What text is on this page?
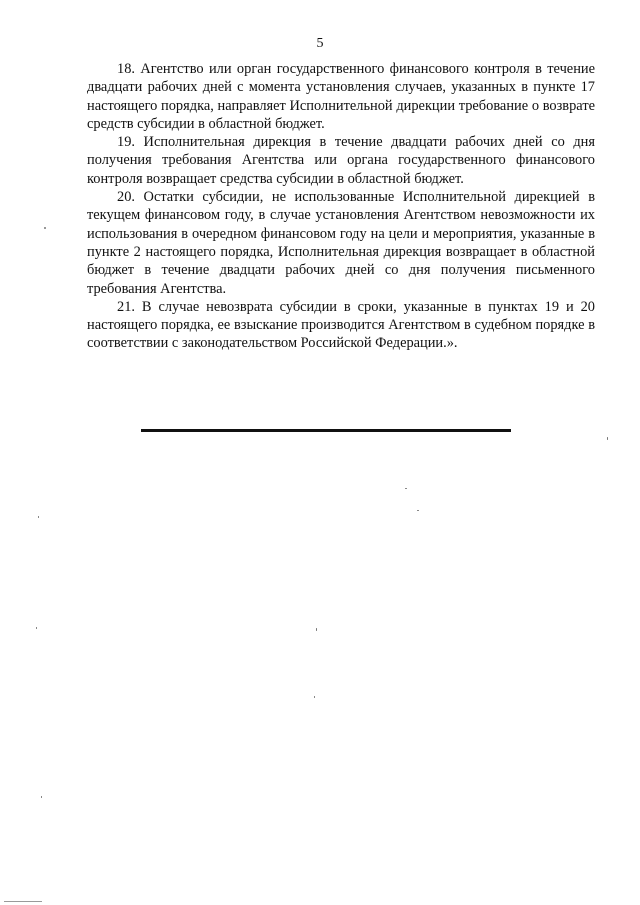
5

18. Агентство или орган государственного финансового контроля в течение двадцати рабочих дней с момента установления случаев, указанных в пункте 17 настоящего порядка, направляет Исполнительной дирекции требование о возврате средств субсидии в областной бюджет.

19. Исполнительная дирекция в течение двадцати рабочих дней со дня получения требования Агентства или органа государственного финансового контроля возвращает средства субсидии в областной бюджет.

20. Остатки субсидии, не использованные Исполнительной дирекцией в текущем финансовом году, в случае установления Агентством невозможности их использования в очередном финансовом году на цели и мероприятия, указанные в пункте 2 настоящего порядка, Исполнительная дирекция возвращает в областной бюджет в течение двадцати рабочих дней со дня получения письменного требования Агентства.

21. В случае невозврата субсидии в сроки, указанные в пунктах 19 и 20 настоящего порядка, ее взыскание производится Агентством в судебном порядке в соответствии с законодательством Российской Федерации.».
